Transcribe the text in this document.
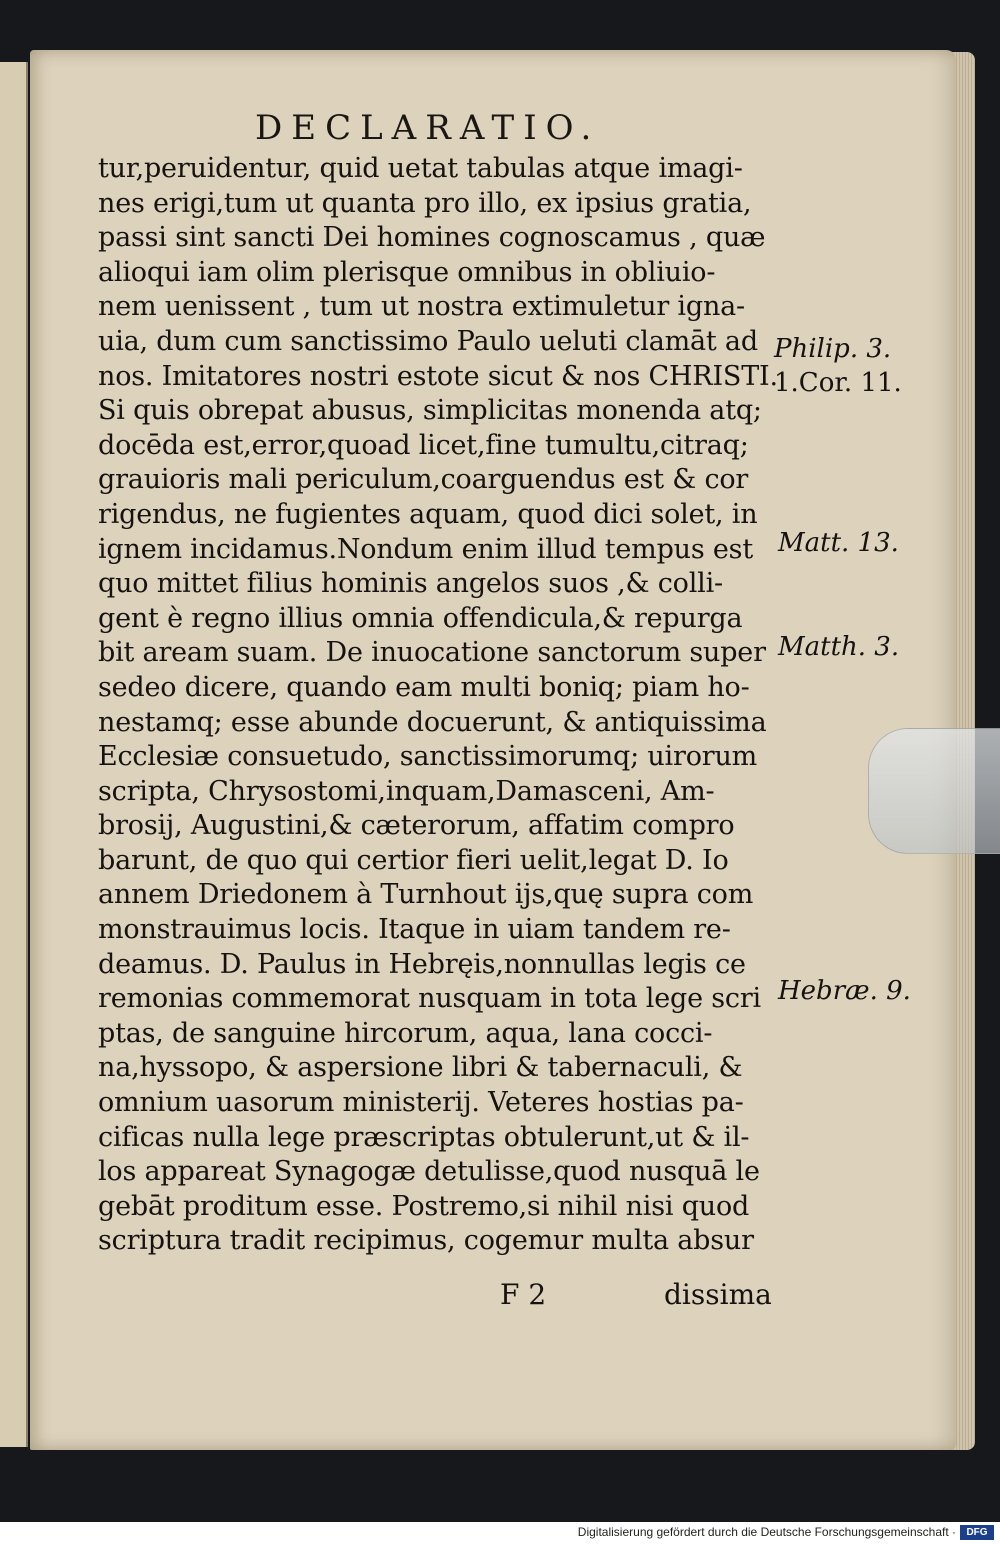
DECLARATIO.
tur,peruidentur, quid uetat tabulas atque imagi-
nes erigi,tum ut quanta pro illo, ex ipsius gratia,
passi sint sancti Dei homines cognoscamus , quæ
alioqui iam olim plerisque omnibus in obliuio-
nem uenissent , tum ut nostra extimuletur igna-
uia, dum cum sanctissimo Paulo ueluti clamāt ad
nos. Imitatores nostri estote sicut & nos CHRISTI.
Si quis obrepat abusus, simplicitas monenda atq;
docēda est,error,quoad licet,fine tumultu,citraq;
grauioris mali periculum,coarguendus est & cor
rigendus, ne fugientes aquam, quod dici solet, in
ignem incidamus.Nondum enim illud tempus est
quo mittet filius hominis angelos suos ,& colli-
gent è regno illius omnia offendicula,& repurga
bit aream suam. De inuocatione sanctorum super
sedeo dicere, quando eam multi boniq; piam ho-
nestamq; esse abunde docuerunt, & antiquissima
Ecclesiæ consuetudo, sanctissimorumq; uirorum
scripta, Chrysostomi,inquam,Damasceni, Am-
brosij, Augustini,& cæterorum, affatim compro
barunt, de quo qui certior fieri uelit,legat D. Io
annem Driedonem à Turnhout ijs,quę supra com
monstrauimus locis. Itaque in uiam tandem re-
deamus. D. Paulus in Hebręis,nonnullas legis ce
remonias commemorat nusquam in tota lege scri
ptas, de sanguine hircorum, aqua, lana cocci-
na,hyssopo, & aspersione libri & tabernaculi, &
omnium uasorum ministerij. Veteres hostias pa-
cificas nulla lege præscriptas obtulerunt,ut & il-
los appareat Synagogæ detulisse,quod nusquā le
gebāt proditum esse. Postremo,si nihil nisi quod
scriptura tradit recipimus, cogemur multa absur
Philip. 3.
1.Cor. 11.
Matt. 13.
Matth. 3.
Hebræ. 9.
F 2	dissima
Digitalisierung gefördert durch die Deutsche Forschungsgemeinschaft ·	DFG
